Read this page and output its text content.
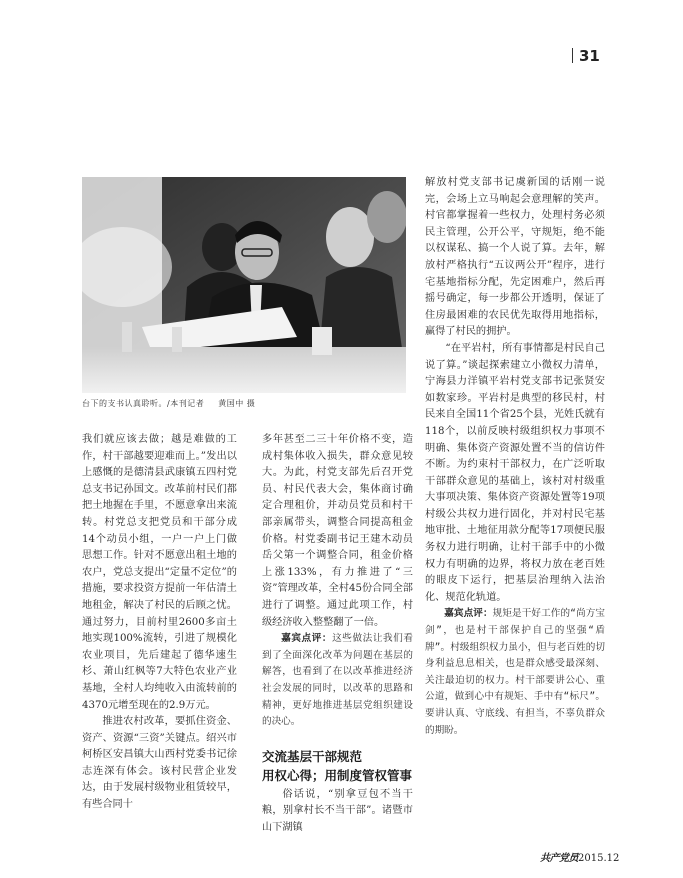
31
台下的支书认真聆听。/本刊记者 黄国中 摄

我们就应该去做；越是难做的工作，村干部越要迎难而上。”发出以上感慨的是德清县武康镇五四村党总支书记孙国文。改革前村民们都把土地握在手里，不愿意拿出来流转。村党总支把党员和干部分成14个动员小组，一户一户上门做思想工作。针对不愿意出租土地的农户，党总支提出“定量不定位”的措施，要求投资方提前一年估清土地租金，解决了村民的后顾之忧。通过努力，目前村里2600多亩土地实现100%流转，引进了规模化农业项目，先后建起了德华速生杉、萧山红枫等7大特色农业产业基地，全村人均纯收入由流转前的4370元增至现在的2.9万元。

推进农村改革，要抓住资金、资产、资源“三资”关键点。绍兴市柯桥区安昌镇大山西村党委书记徐志连深有体会。该村民营企业发达，由于发展村级物业租赁较早，有些合同十

多年甚至二三十年价格不变，造成村集体收入损失，群众意见较大。为此，村党支部先后召开党员、村民代表大会，集体商讨确定合理租价，并动员党员和村干部亲属带头，调整合同提高租金价格。村党委副书记王建木动员岳父第一个调整合同，租金价格上涨133%，有力推进了“三资”管理改革，全村45份合同全部进行了调整。通过此项工作，村级经济收入整整翻了一倍。

嘉宾点评：这些做法让我们看到了全面深化改革为问题在基层的解答，也看到了在以改革推进经济社会发展的同时，以改革的思路和精神，更好地推进基层党组织建设的决心。

交流基层干部规范
用权心得；用制度管权管事

俗话说，“别拿豆包不当干粮，别拿村长不当干部”。诸暨市山下湖镇

解放村党支部书记虞新国的话刚一说完，会场上立马响起会意理解的笑声。村官都掌握着一些权力，处理村务必须民主管理，公开公平，守规矩，绝不能以权谋私、搞一个人说了算。去年，解放村严格执行“五议两公开”程序，进行宅基地指标分配，先定困难户，然后再摇号确定，每一步都公开透明，保证了住房最困难的农民优先取得用地指标，赢得了村民的拥护。

“在平岩村，所有事情都是村民自己说了算。”谈起探索建立小微权力清单，宁海县力洋镇平岩村党支部书记张贤安如数家珍。平岩村是典型的移民村，村民来自全国11个省25个县，光姓氏就有118个，以前反映村级组织权力事项不明确、集体资产资源处置不当的信访件不断。为约束村干部权力，在广泛听取干部群众意见的基础上，该村对村级重大事项决策、集体资产资源处置等19项村级公共权力进行固化，并对村民宅基地审批、土地征用款分配等17项便民服务权力进行明确，让村干部手中的小微权力有明确的边界，将权力放在老百姓的眼皮下运行，把基层治理纳入法治化、规范化轨道。

嘉宾点评：规矩是干好工作的“尚方宝剑”，也是村干部保护自己的坚强“盾牌”。村级组织权力虽小，但与老百姓的切身利益息息相关，也是群众感受最深刻、关注最迫切的权力。村干部要讲公心、重公道，做到心中有规矩、手中有“标尺”。要讲认真、守底线、有担当，不辜负群众的期盼。

共产党员2015.12
